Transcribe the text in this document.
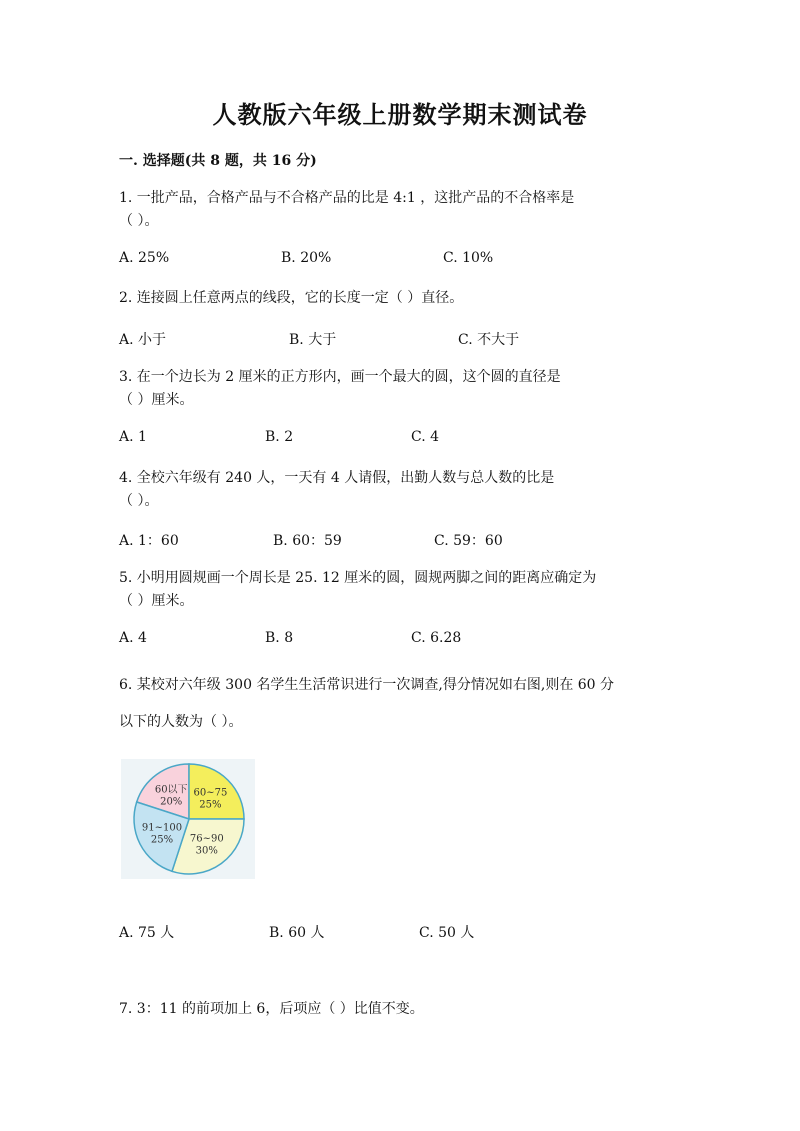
人教版六年级上册数学期末测试卷
一. 选择题(共 8 题，共 16 分)
1. 一批产品，合格产品与不合格产品的比是 4:1 ，这批产品的不合格率是
（ ）。
A. 25%	B. 20%	C. 10%
2. 连接圆上任意两点的线段，它的长度一定（ ）直径。
A. 小于	B. 大于	C. 不大于
3. 在一个边长为 2 厘米的正方形内，画一个最大的圆，这个圆的直径是
（ ）厘米。
A. 1	B. 2	C. 4
4. 全校六年级有 240 人，一天有 4 人请假，出勤人数与总人数的比是
（ ）。
A. 1：60	B. 60：59	C. 59：60
5. 小明用圆规画一个周长是 25. 12 厘米的圆，圆规两脚之间的距离应确定为
（ ）厘米。
A. 4	B. 8	C. 6.28
6. 某校对六年级 300 名学生生活常识进行一次调查,得分情况如右图,则在 60 分
以下的人数为（ ）。
60以下
20%
60~75
25%
76~90
30%
91~100
25%
A. 75 人	B. 60 人	C. 50 人
7. 3：11 的前项加上 6，后项应（ ）比值不变。
